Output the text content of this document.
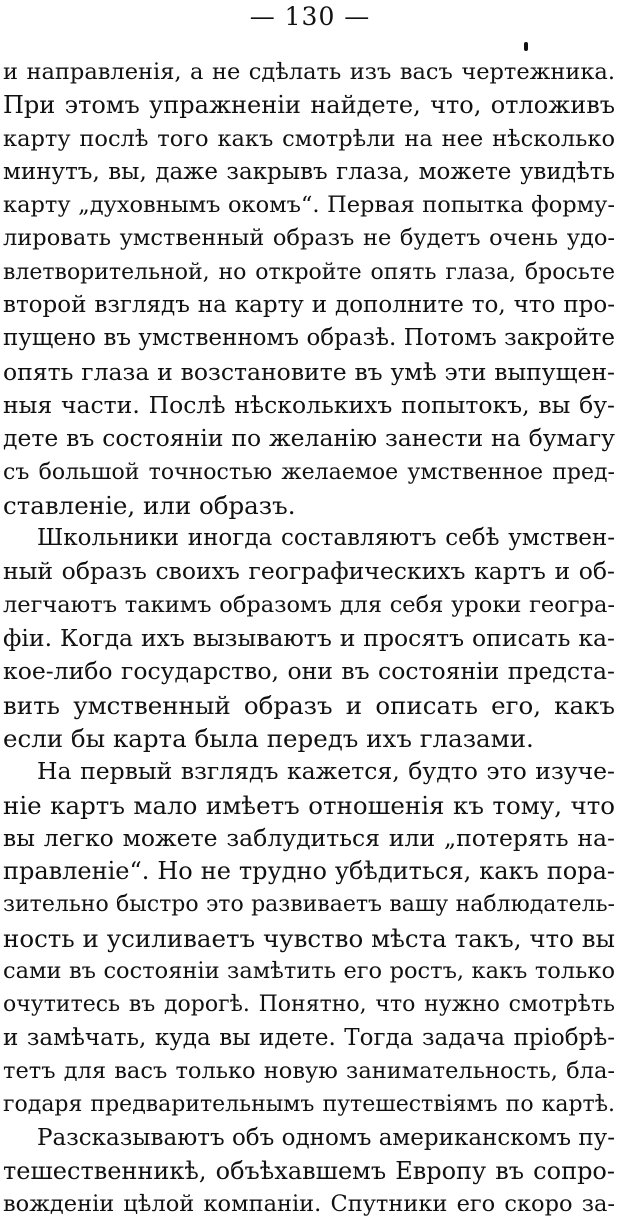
— 130 —
и направленія, а не сдѣлать изъ васъ чертежника.
При этомъ упражненіи найдете, что, отложивъ
карту послѣ того какъ смотрѣли на нее нѣсколько
минутъ, вы, даже закрывъ глаза, можете увидѣть
карту „духовнымъ окомъ“. Первая попытка форму-
лировать умственный образъ не будетъ очень удо-
влетворительной, но откройте опять глаза, бросьте
второй взглядъ на карту и дополните то, что про-
пущено въ умственномъ образѣ. Потомъ закройте
опять глаза и возстановите въ умѣ эти выпущен-
ныя части. Послѣ нѣсколькихъ попытокъ, вы бу-
дете въ состояніи по желанію занести на бумагу
съ большой точностью желаемое умственное пред-
ставленіе, или образъ.
Школьники иногда составляютъ себѣ умствен-
ный образъ своихъ географическихъ картъ и об-
легчаютъ такимъ образомъ для себя уроки геогра-
фіи. Когда ихъ вызываютъ и просятъ описать ка-
кое-либо государство, они въ состояніи предста-
вить умственный образъ и описать его, какъ
если бы карта была передъ ихъ глазами.
На первый взглядъ кажется, будто это изуче-
ніе картъ мало имѣетъ отношенія къ тому, что
вы легко можете заблудиться или „потерять на-
правленіе“. Но не трудно убѣдиться, какъ пора-
зительно быстро это развиваетъ вашу наблюдатель-
ность и усиливаетъ чувство мѣста такъ, что вы
сами въ состояніи замѣтить его ростъ, какъ только
очутитесь въ дорогѣ. Понятно, что нужно смотрѣть
и замѣчать, куда вы идете. Тогда задача пріобрѣ-
тетъ для васъ только новую занимательность, бла-
годаря предварительнымъ путешествіямъ по картѣ.
Разсказываютъ объ одномъ американскомъ пу-
тешественникѣ, объѣхавшемъ Европу въ сопро-
вожденіи цѣлой компаніи. Спутники его скоро за-
